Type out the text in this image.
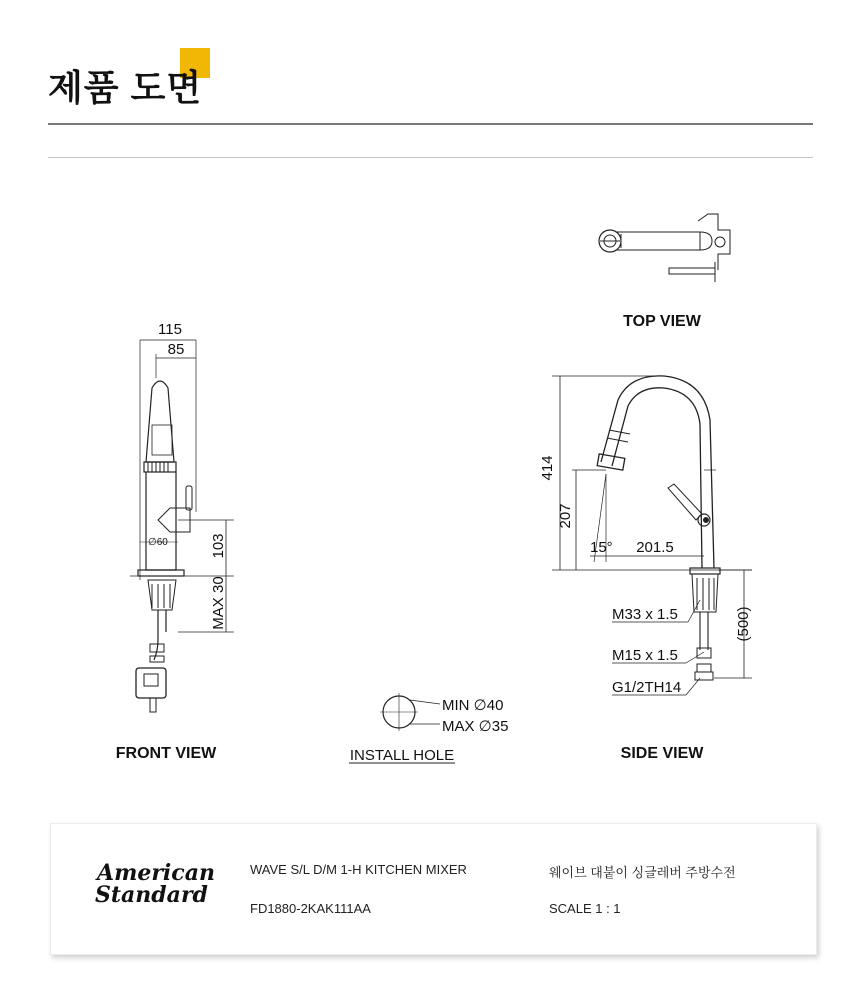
제품 도면
TOP VIEW
115
85
∅60	103
MAX 30
FRONT VIEW
MIN ∅40
MAX ∅35
INSTALL HOLE
414
207
15° 201.5
(500)
M33 x 1.5
M15 x 1.5
G1/2TH14
SIDE VIEW
American
Standard
WAVE S/L D/M 1-H KITCHEN MIXER	웨이브 대붙이 싱글레버 주방수전
FD1880-2KAK111AA	SCALE 1 : 1
